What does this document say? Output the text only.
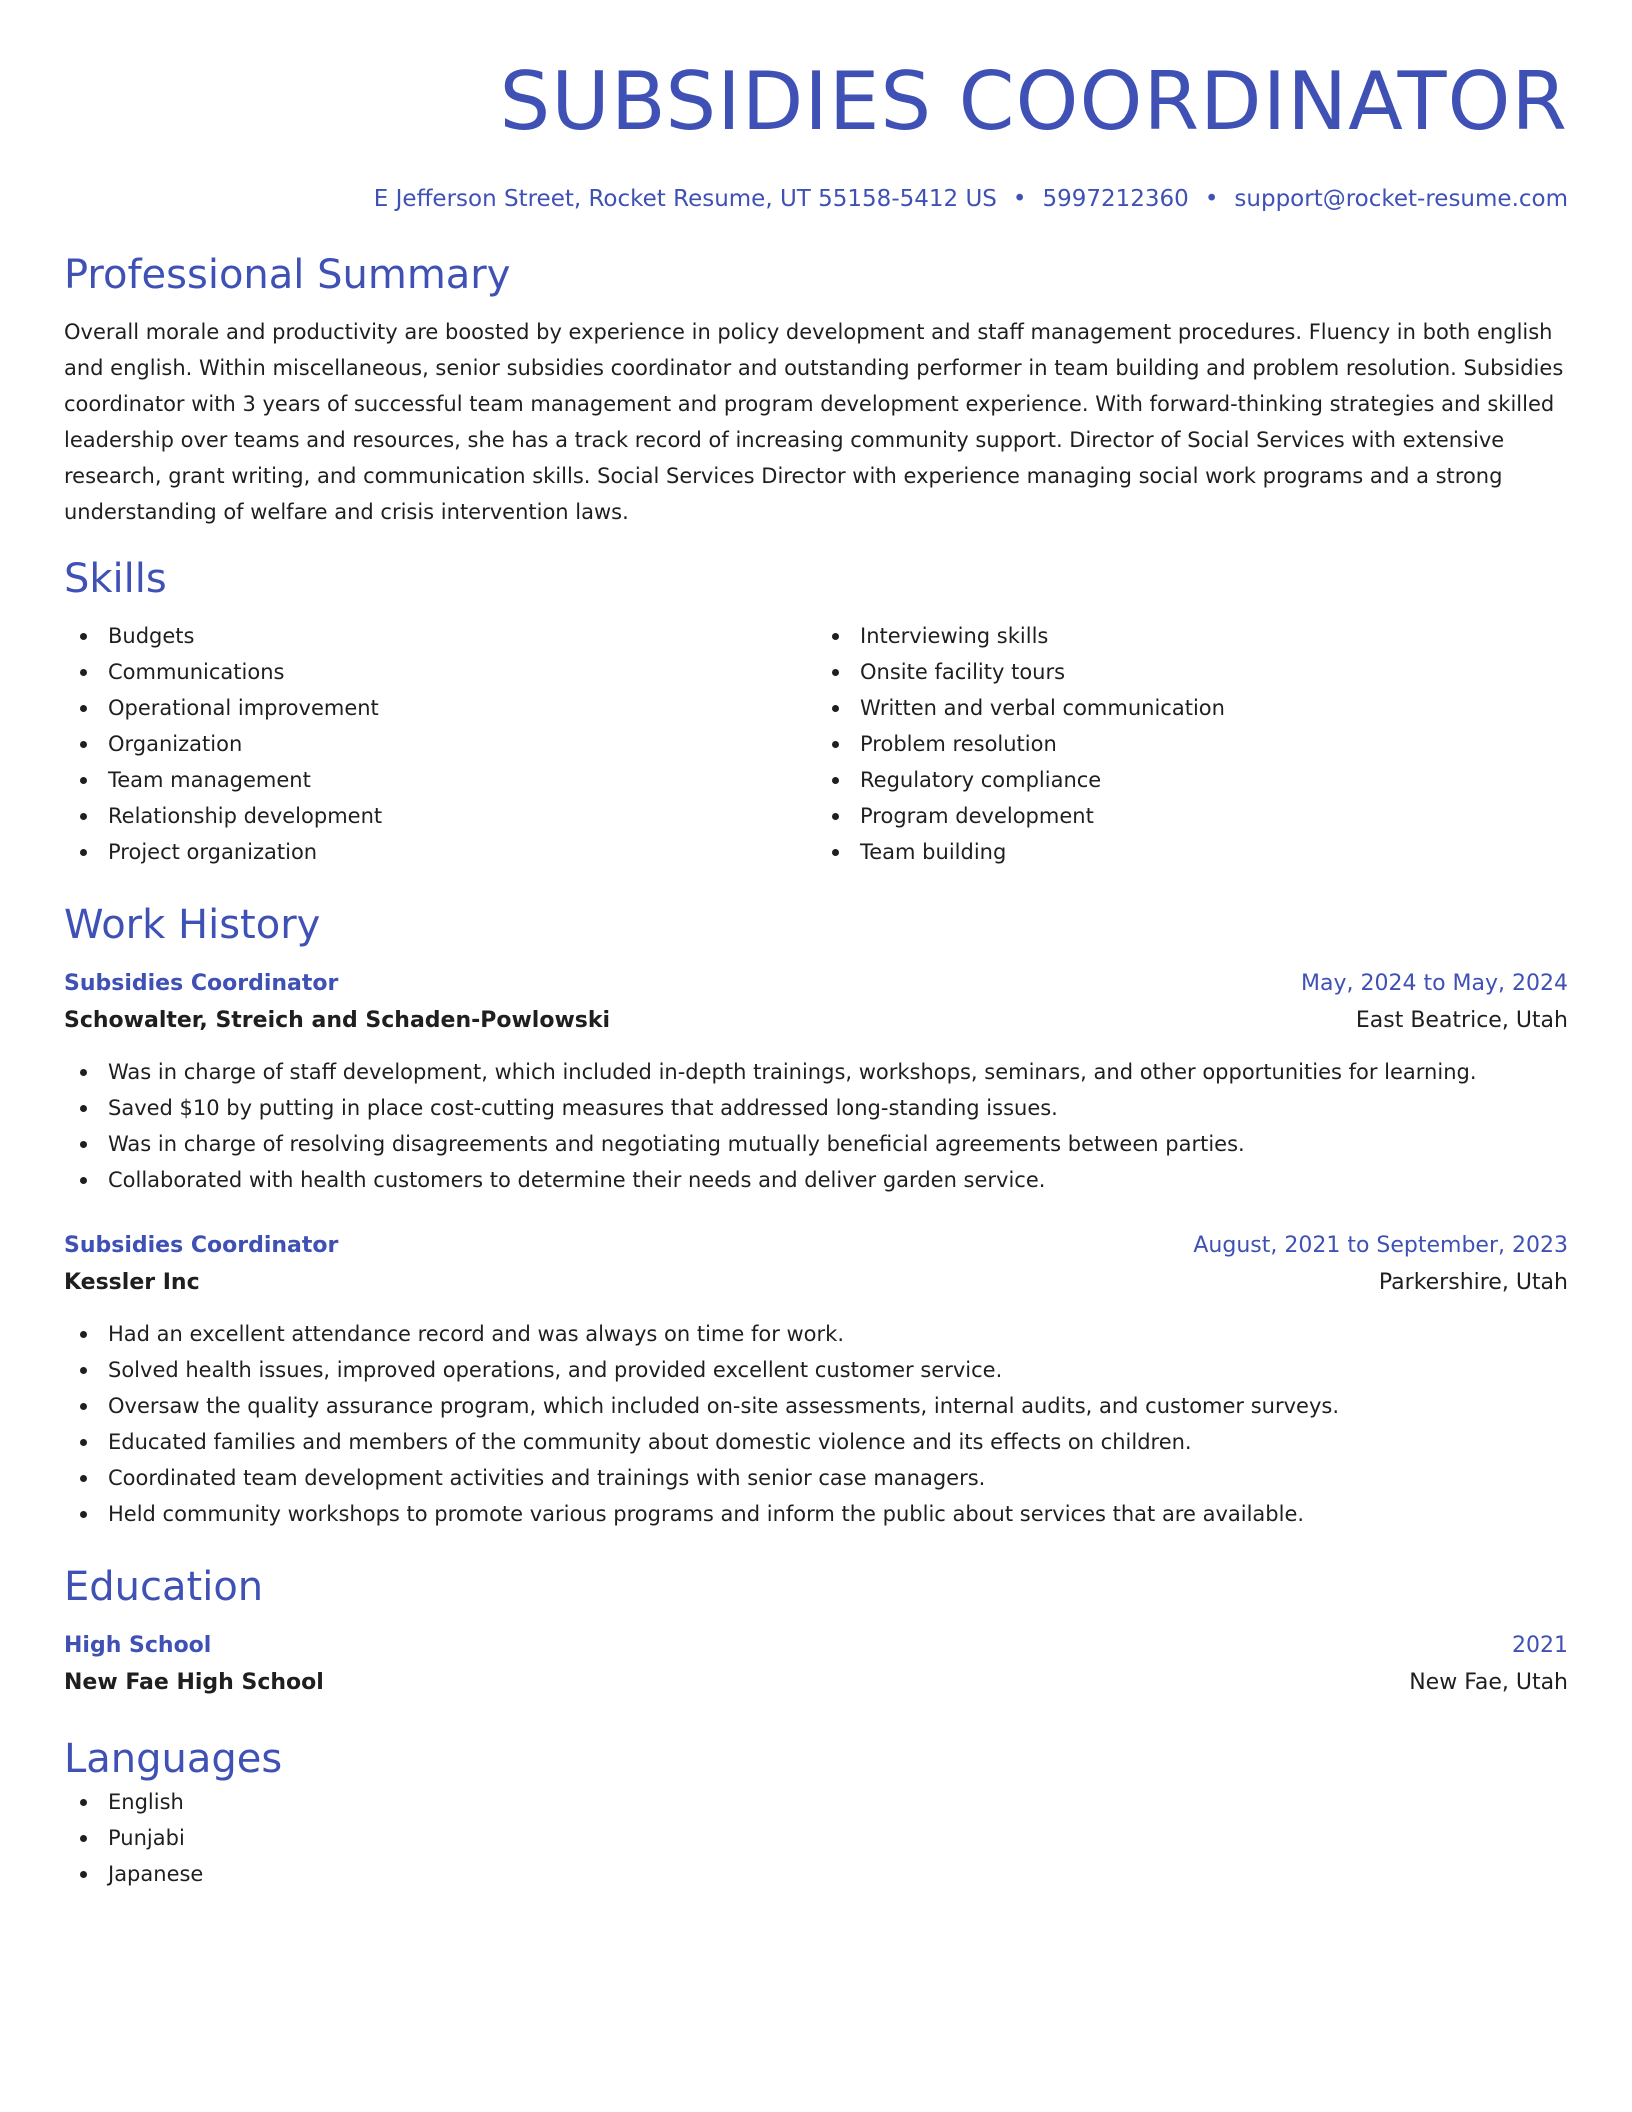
SUBSIDIES COORDINATOR
E Jefferson Street, Rocket Resume, UT 55158-5412 US • 5997212360 • support@rocket-resume.com
Professional Summary
Overall morale and productivity are boosted by experience in policy development and staff management procedures. Fluency in both english and english. Within miscellaneous, senior subsidies coordinator and outstanding performer in team building and problem resolution. Subsidies coordinator with 3 years of successful team management and program development experience. With forward-thinking strategies and skilled leadership over teams and resources, she has a track record of increasing community support. Director of Social Services with extensive research, grant writing, and communication skills. Social Services Director with experience managing social work programs and a strong understanding of welfare and crisis intervention laws.
Skills
Budgets
Communications
Operational improvement
Organization
Team management
Relationship development
Project organization
Interviewing skills
Onsite facility tours
Written and verbal communication
Problem resolution
Regulatory compliance
Program development
Team building
Work History
Subsidies Coordinator	May, 2024 to May, 2024
Schowalter, Streich and Schaden-Powlowski	East Beatrice, Utah
Was in charge of staff development, which included in-depth trainings, workshops, seminars, and other opportunities for learning.
Saved $10 by putting in place cost-cutting measures that addressed long-standing issues.
Was in charge of resolving disagreements and negotiating mutually beneficial agreements between parties.
Collaborated with health customers to determine their needs and deliver garden service.
Subsidies Coordinator	August, 2021 to September, 2023
Kessler Inc	Parkershire, Utah
Had an excellent attendance record and was always on time for work.
Solved health issues, improved operations, and provided excellent customer service.
Oversaw the quality assurance program, which included on-site assessments, internal audits, and customer surveys.
Educated families and members of the community about domestic violence and its effects on children.
Coordinated team development activities and trainings with senior case managers.
Held community workshops to promote various programs and inform the public about services that are available.
Education
High School	2021
New Fae High School	New Fae, Utah
Languages
English
Punjabi
Japanese
